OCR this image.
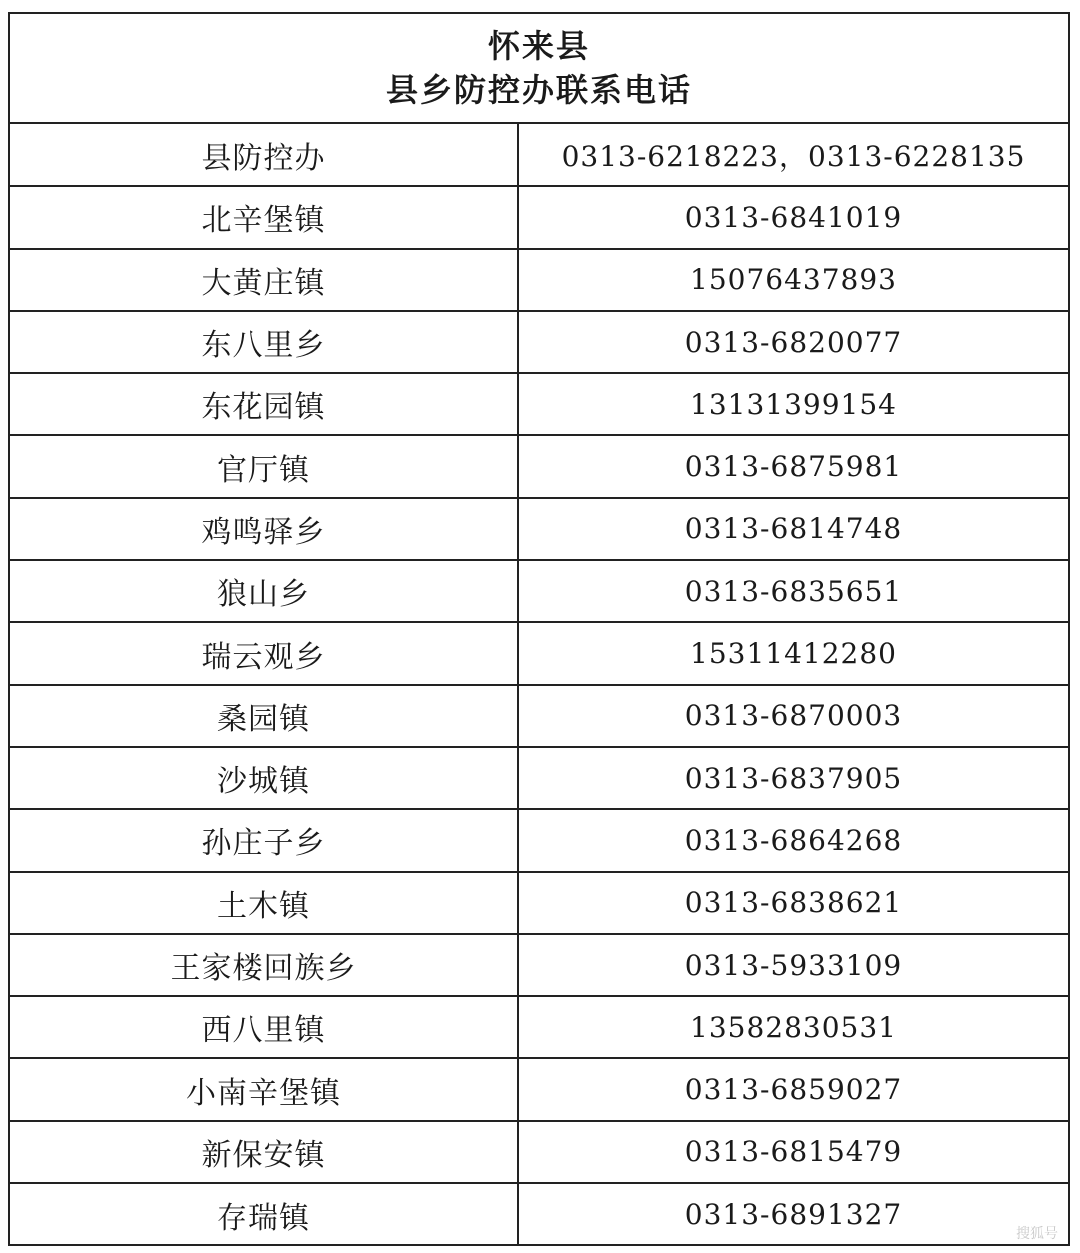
怀来县
县乡防控办联系电话
县防控办	0313-6218223，0313-6228135
北辛堡镇	0313-6841019
大黄庄镇	15076437893
东八里乡	0313-6820077
东花园镇	13131399154
官厅镇	0313-6875981
鸡鸣驿乡	0313-6814748
狼山乡	0313-6835651
瑞云观乡	15311412280
桑园镇	0313-6870003
沙城镇	0313-6837905
孙庄子乡	0313-6864268
土木镇	0313-6838621
王家楼回族乡	0313-5933109
西八里镇	13582830531
小南辛堡镇	0313-6859027
新保安镇	0313-6815479
存瑞镇	0313-6891327
搜狐号
